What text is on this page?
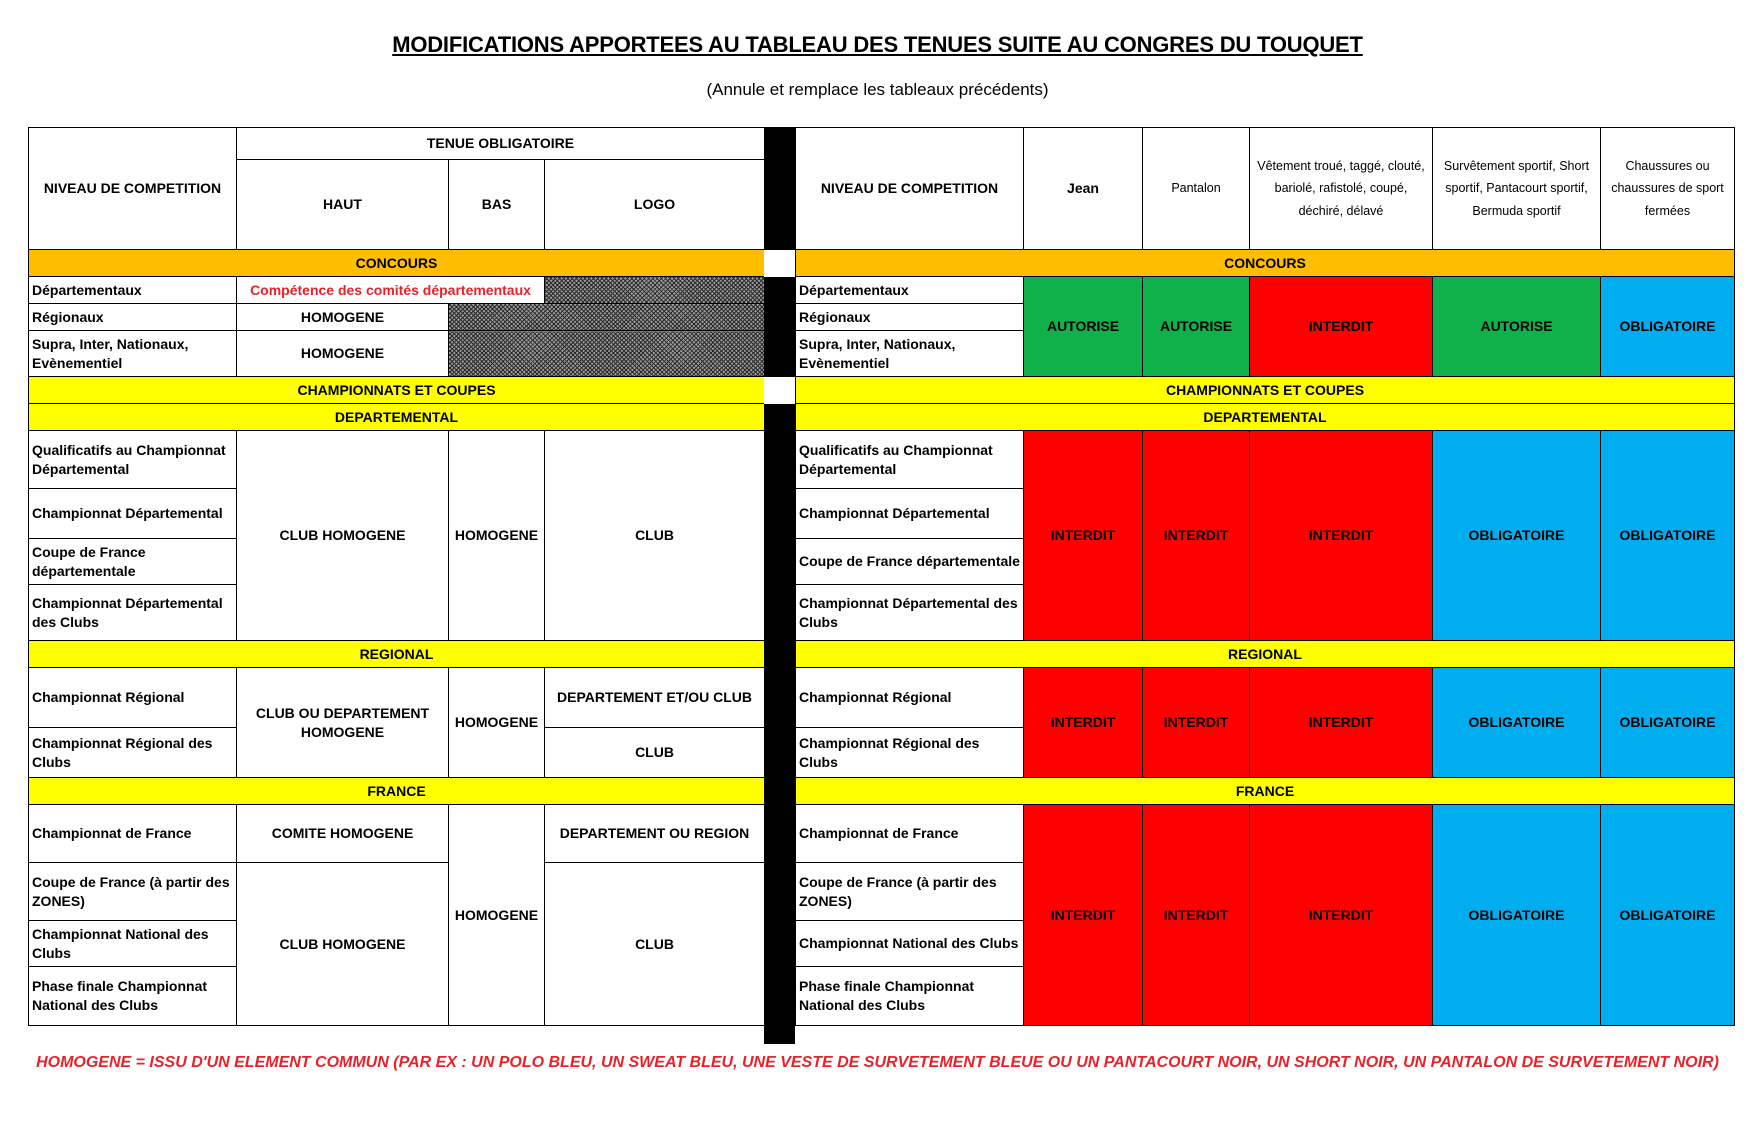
MODIFICATIONS APPORTEES AU TABLEAU DES TENUES SUITE AU CONGRES DU TOUQUET
(Annule et remplace les tableaux précédents)
NIVEAU DE COMPETITION	TENUE OBLIGATOIRE		
	HAUT	BAS	LOGO
CONCOURS			
Départementaux	Compétence des comités départementaux		
Régionaux	HOMOGENE		
Supra, Inter, Nationaux, Evènementiel	HOMOGENE		
CHAMPIONNATS ET COUPES			
DEPARTEMENTAL			
Qualificatifs au Championnat Départemental	CLUB HOMOGENE	HOMOGENE	CLUB
Championnat Départemental			
Coupe de France départementale			
Championnat Départemental des Clubs			
REGIONAL			
Championnat Régional	CLUB OU DEPARTEMENT HOMOGENE	HOMOGENE	DEPARTEMENT ET/OU CLUB
Championnat Régional des Clubs			CLUB
FRANCE			
Championnat de France	COMITE HOMOGENE	HOMOGENE	DEPARTEMENT OU REGION
Coupe de France (à partir des ZONES)	CLUB HOMOGENE		CLUB
Championnat National des Clubs			
Phase finale Championnat National des Clubs			
NIVEAU DE COMPETITION	Jean	Pantalon	Vêtement troué, taggé, clouté, bariolé, rafistolé, coupé, déchiré, délavé	Survêtement sportif, Short sportif, Pantacourt sportif, Bermuda sportif	Chaussures ou chaussures de sport fermées
CONCOURS					
Départementaux	AUTORISE	AUTORISE	INTERDIT	AUTORISE	OBLIGATOIRE
Régionaux					
Supra, Inter, Nationaux, Evènementiel					
CHAMPIONNATS ET COUPES					
DEPARTEMENTAL					
Qualificatifs au Championnat Départemental	INTERDIT	INTERDIT	INTERDIT	OBLIGATOIRE	OBLIGATOIRE
Championnat Départemental					
Coupe de France départementale					
Championnat Départemental des Clubs					
REGIONAL					
Championnat Régional	INTERDIT	INTERDIT	INTERDIT	OBLIGATOIRE	OBLIGATOIRE
Championnat Régional des Clubs					
FRANCE					
Championnat de France	INTERDIT	INTERDIT	INTERDIT	OBLIGATOIRE	OBLIGATOIRE
Coupe de France (à partir des ZONES)					
Championnat National des Clubs					
Phase finale Championnat National des Clubs					
HOMOGENE = ISSU D'UN ELEMENT COMMUN (PAR EX : UN POLO BLEU, UN SWEAT BLEU, UNE VESTE DE SURVETEMENT BLEUE OU UN PANTACOURT NOIR, UN SHORT NOIR, UN PANTALON DE SURVETEMENT NOIR)
